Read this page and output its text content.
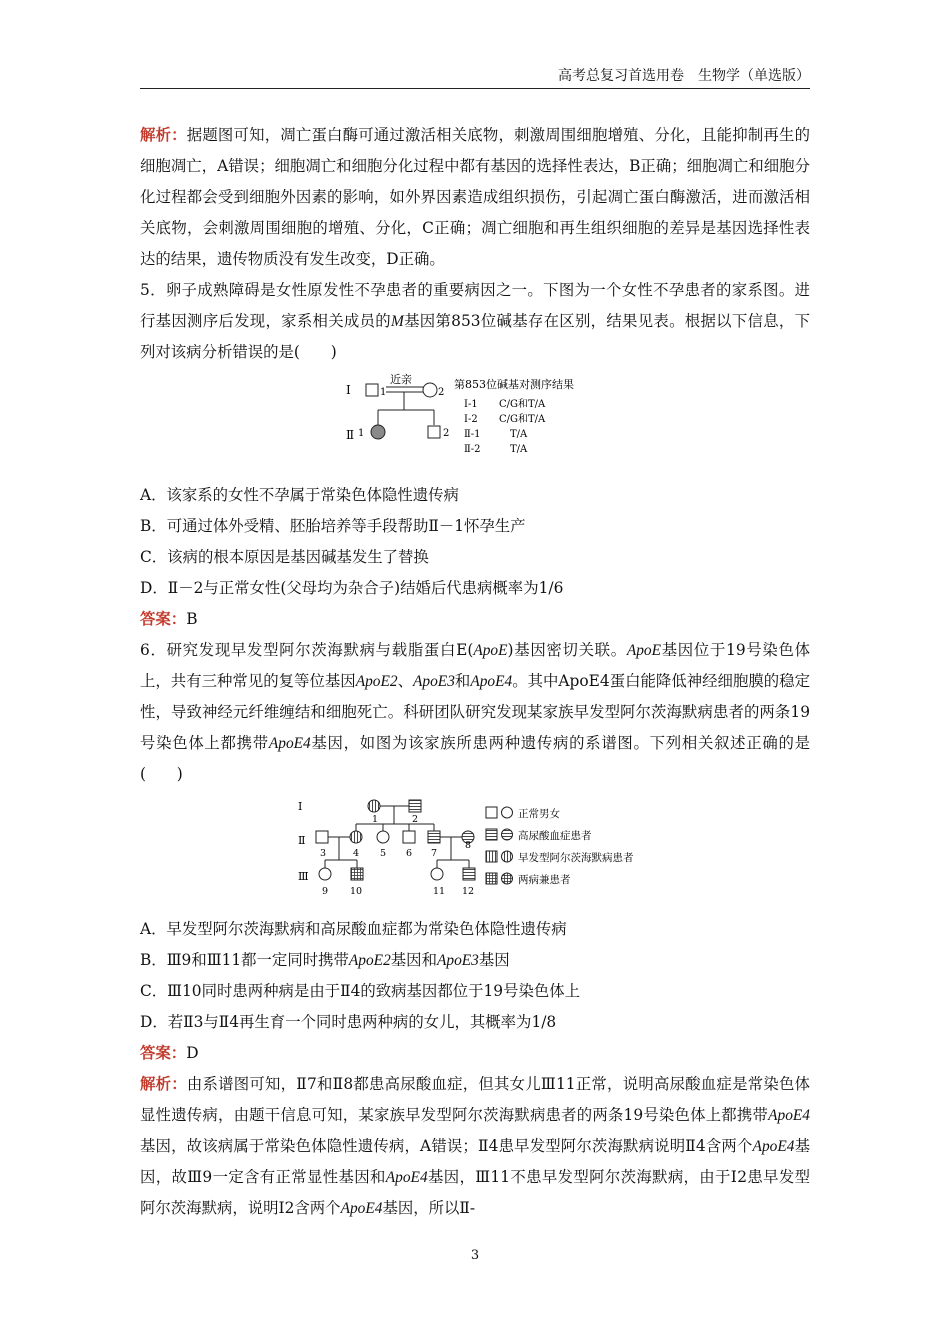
高考总复习首选用卷　生物学（单选版）

解析：据题图可知，凋亡蛋白酶可通过激活相关底物，刺激周围细胞增殖、分化，且能抑制再生的细胞凋亡，A错误；细胞凋亡和细胞分化过程中都有基因的选择性表达，B正确；细胞凋亡和细胞分化过程都会受到细胞外因素的影响，如外界因素造成组织损伤，引起凋亡蛋白酶激活，进而激活相关底物，会刺激周围细胞的增殖、分化，C正确；凋亡细胞和再生组织细胞的差异是基因选择性表达的结果，遗传物质没有发生改变，D正确。

5．卵子成熟障碍是女性原发性不孕患者的重要病因之一。下图为一个女性不孕患者的家系图。进行基因测序后发现，家系相关成员的M基因第853位碱基存在区别，结果见表。根据以下信息，下列对该病分析错误的是(　　)

Ⅰ
Ⅱ
1
近亲
2
1	2
第853位碱基对测序结果
Ⅰ-1 C/G和T/A
Ⅰ-2 C/G和T/A
Ⅱ-1	T/A
Ⅱ-2	T/A
A．该家系的女性不孕属于常染色体隐性遗传病
B．可通过体外受精、胚胎培养等手段帮助Ⅱ－1怀孕生产
C．该病的根本原因是基因碱基发生了替换
D．Ⅱ－2与正常女性(父母均为杂合子)结婚后代患病概率为1/6
答案：B

6．研究发现早发型阿尔茨海默病与载脂蛋白E(ApoE)基因密切关联。ApoE基因位于19号染色体上，共有三种常见的复等位基因ApoE2、ApoE3和ApoE4。其中ApoE4蛋白能降低神经细胞膜的稳定性，导致神经元纤维缠结和细胞死亡。科研团队研究发现某家族早发型阿尔茨海默病患者的两条19号染色体上都携带ApoE4基因，如图为该家族所患两种遗传病的系谱图。下列相关叙述正确的是(　　)

Ⅰ
Ⅱ
Ⅲ
1	2
3	4 5 6 7
8
9 10	11 12
正常男女
高尿酸血症患者
早发型阿尔茨海默病患者
两病兼患者
A．早发型阿尔茨海默病和高尿酸血症都为常染色体隐性遗传病
B．Ⅲ9和Ⅲ11都一定同时携带ApoE2基因和ApoE3基因
C．Ⅲ10同时患两种病是由于Ⅱ4的致病基因都位于19号染色体上
D．若Ⅱ3与Ⅱ4再生育一个同时患两种病的女儿，其概率为1/8
答案：D

解析：由系谱图可知，Ⅱ7和Ⅱ8都患高尿酸血症，但其女儿Ⅲ11正常，说明高尿酸血症是常染色体显性遗传病，由题干信息可知，某家族早发型阿尔茨海默病患者的两条19号染色体上都携带ApoE4基因，故该病属于常染色体隐性遗传病，A错误；Ⅱ4患早发型阿尔茨海默病说明Ⅱ4含两个ApoE4基因，故Ⅲ9一定含有正常显性基因和ApoE4基因，Ⅲ11不患早发型阿尔茨海默病，由于Ⅰ2患早发型阿尔茨海默病，说明Ⅰ2含两个ApoE4基因，所以Ⅱ-

3
